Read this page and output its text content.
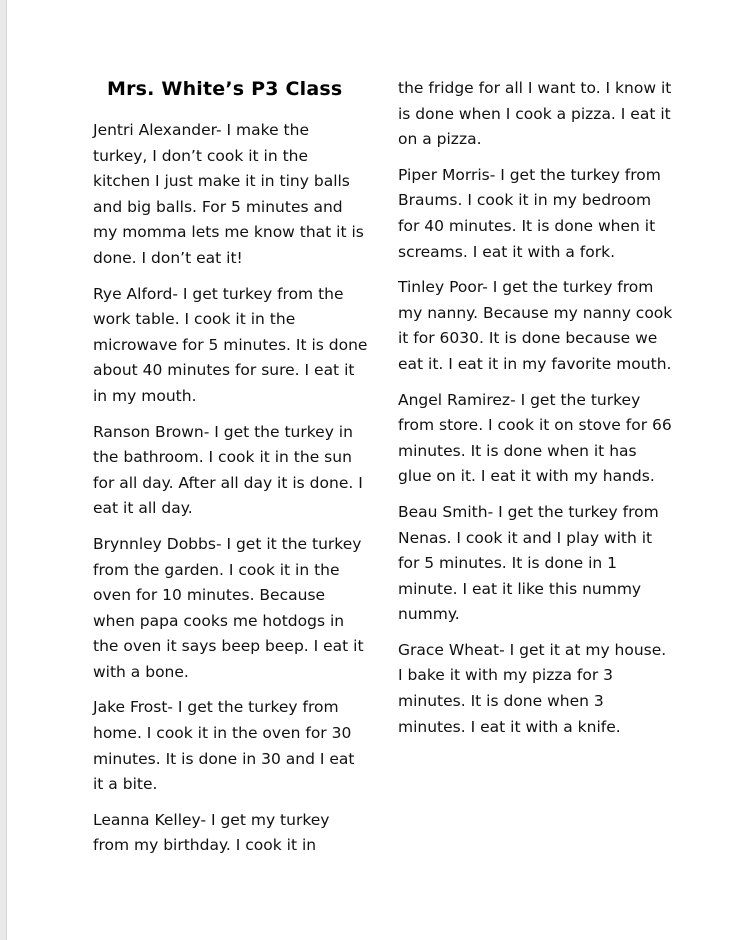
Mrs. White’s P3 Class

Jentri Alexander- I make the turkey, I don’t cook it in the kitchen I just make it in tiny balls and big balls. For 5 minutes and my momma lets me know that it is done. I don’t eat it!

Rye Alford- I get turkey from the work table. I cook it in the microwave for 5 minutes. It is done about 40 minutes for sure. I eat it in my mouth.

Ranson Brown- I get the turkey in the bathroom. I cook it in the sun for all day. After all day it is done. I eat it all day.

Brynnley Dobbs- I get it the turkey from the garden. I cook it in the oven for 10 minutes. Because when papa cooks me hotdogs in the oven it says beep beep. I eat it with a bone.

Jake Frost- I get the turkey from home. I cook it in the oven for 30 minutes. It is done in 30 and I eat it a bite.

Leanna Kelley- I get my turkey from my birthday. I cook it in

the fridge for all I want to. I know it is done when I cook a pizza. I eat it on a pizza.

Piper Morris- I get the turkey from Braums. I cook it in my bedroom for 40 minutes. It is done when it screams. I eat it with a fork.

Tinley Poor- I get the turkey from my nanny. Because my nanny cook it for 6030. It is done because we eat it. I eat it in my favorite mouth.

Angel Ramirez- I get the turkey from store. I cook it on stove for 66 minutes. It is done when it has glue on it. I eat it with my hands.

Beau Smith- I get the turkey from Nenas. I cook it and I play with it for 5 minutes. It is done in 1 minute. I eat it like this nummy nummy.

Grace Wheat- I get it at my house. I bake it with my pizza for 3 minutes. It is done when 3 minutes. I eat it with a knife.
